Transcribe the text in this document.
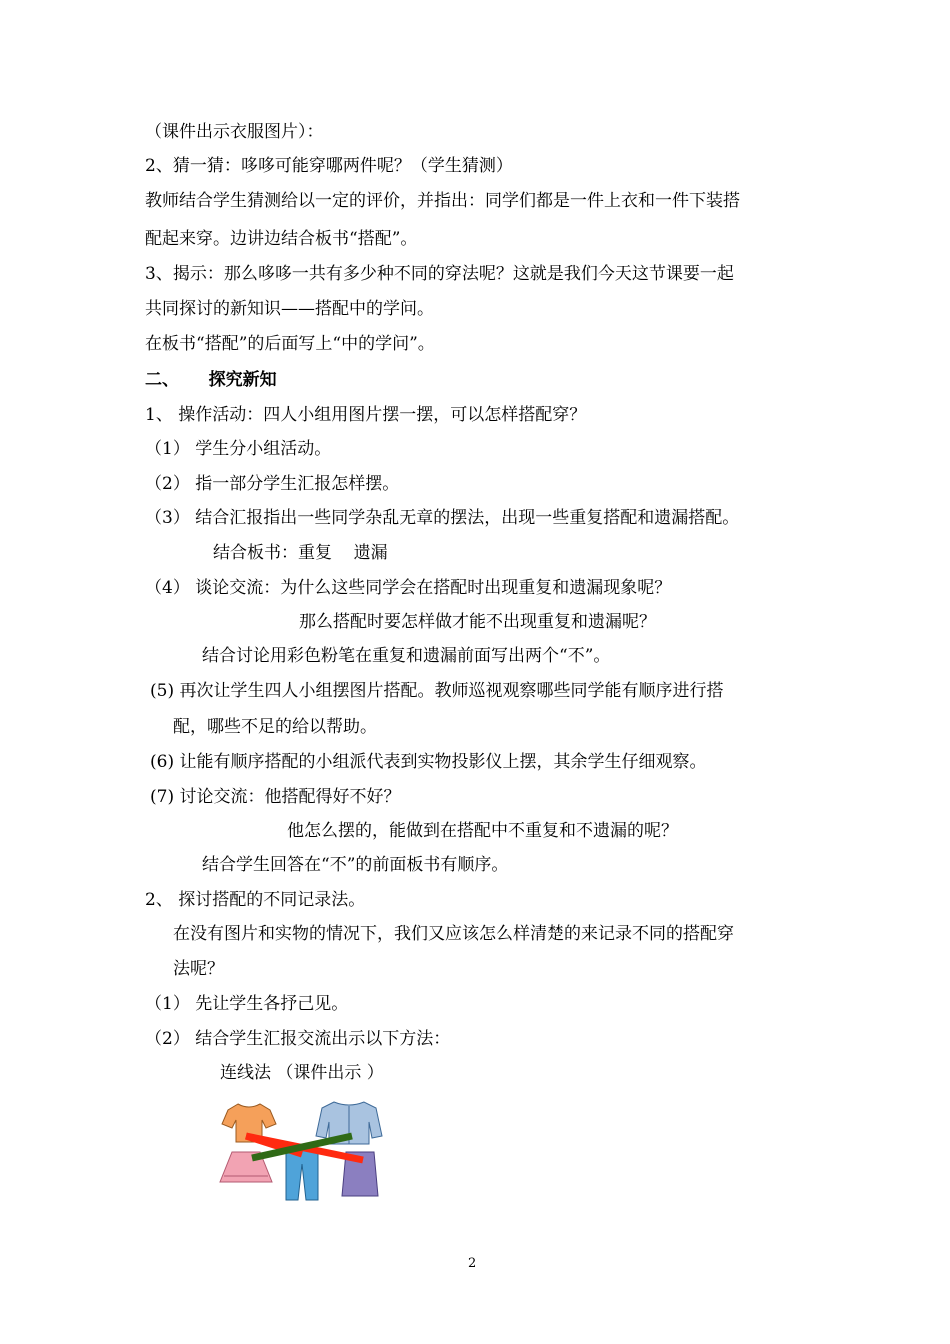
（课件出示衣服图片）：
2、猜一猜：哆哆可能穿哪两件呢？（学生猜测）
教师结合学生猜测给以一定的评价，并指出：同学们都是一件上衣和一件下装搭
配起来穿。边讲边结合板书“搭配”。
3、揭示：那么哆哆一共有多少种不同的穿法呢？这就是我们今天这节课要一起
共同探讨的新知识——搭配中的学问。
在板书“搭配”的后面写上“中的学问”。
二、     探究新知
1、 操作活动：四人小组用图片摆一摆，可以怎样搭配穿？
（1） 学生分小组活动。
（2） 指一部分学生汇报怎样摆。
（3） 结合汇报指出一些同学杂乱无章的摆法，出现一些重复搭配和遗漏搭配。
结合板书：重复    遗漏
（4） 谈论交流：为什么这些同学会在搭配时出现重复和遗漏现象呢？
那么搭配时要怎样做才能不出现重复和遗漏呢？
结合讨论用彩色粉笔在重复和遗漏前面写出两个“不”。
(5) 再次让学生四人小组摆图片搭配。教师巡视观察哪些同学能有顺序进行搭
配，哪些不足的给以帮助。
(6) 让能有顺序搭配的小组派代表到实物投影仪上摆，其余学生仔细观察。
(7) 讨论交流：他搭配得好不好？
他怎么摆的，能做到在搭配中不重复和不遗漏的呢？
结合学生回答在“不”的前面板书有顺序。
2、 探讨搭配的不同记录法。
在没有图片和实物的情况下，我们又应该怎么样清楚的来记录不同的搭配穿
法呢？
（1） 先让学生各抒己见。
（2） 结合学生汇报交流出示以下方法：
连线法 （课件出示 ）
2
